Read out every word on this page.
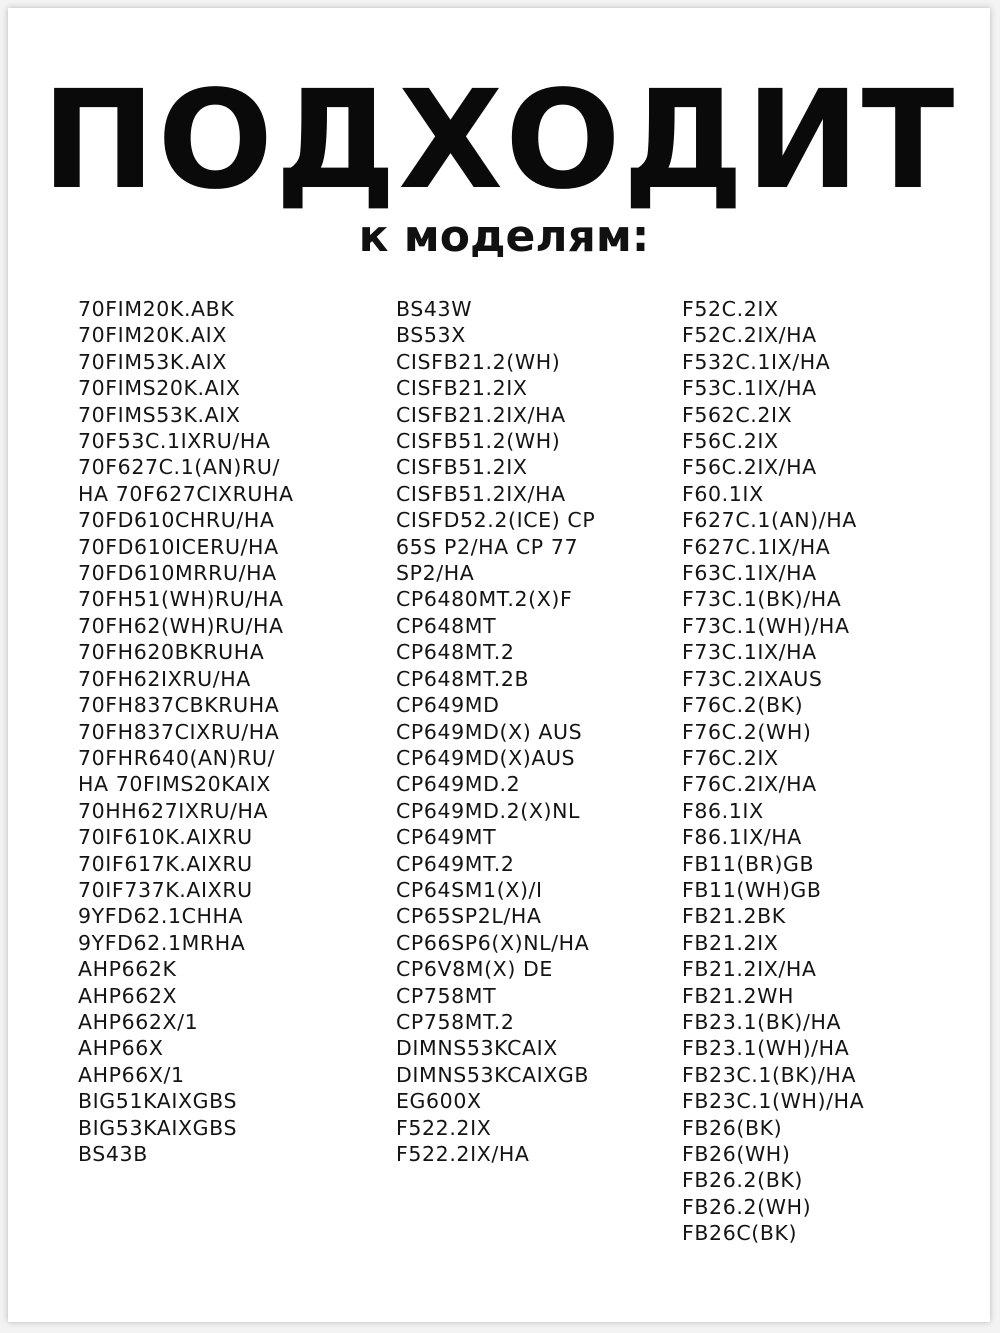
ПОДХОДИТ
к моделям:
70FIM20K.ABK
70FIM20K.AIX
70FIM53K.AIX
70FIMS20K.AIX
70FIMS53K.AIX
70F53C.1IXRU/HA
70F627C.1(AN)RU/
HA 70F627CIXRUHA
70FD610CHRU/HA
70FD610ICERU/HA
70FD610MRRU/HA
70FH51(WH)RU/HA
70FH62(WH)RU/HA
70FH620BKRUHA
70FH62IXRU/HA
70FH837CBKRUHA
70FH837CIXRU/HA
70FHR640(AN)RU/
HA 70FIMS20KAIX
70HH627IXRU/HA
70IF610K.AIXRU
70IF617K.AIXRU
70IF737K.AIXRU
9YFD62.1CHHA
9YFD62.1MRHA
AHP662K
AHP662X
AHP662X/1
AHP66X
AHP66X/1
BIG51KAIXGBS
BIG53KAIXGBS
BS43B
BS43W
BS53X
CISFB21.2(WH)
CISFB21.2IX
CISFB21.2IX/HA
CISFB51.2(WH)
CISFB51.2IX
CISFB51.2IX/HA
CISFD52.2(ICE) CP
65S P2/HA CP 77
SP2/HA
CP6480MT.2(X)F
CP648MT
CP648MT.2
CP648MT.2B
CP649MD
CP649MD(X) AUS
CP649MD(X)AUS
CP649MD.2
CP649MD.2(X)NL
CP649MT
CP649MT.2
CP64SM1(X)/I
CP65SP2L/HA
CP66SP6(X)NL/HA
CP6V8M(X) DE
CP758MT
CP758MT.2
DIMNS53KCAIX
DIMNS53KCAIXGB
EG600X
F522.2IX
F522.2IX/HA
F52C.2IX
F52C.2IX/HA
F532C.1IX/HA
F53C.1IX/HA
F562C.2IX
F56C.2IX
F56C.2IX/HA
F60.1IX
F627C.1(AN)/HA
F627C.1IX/HA
F63C.1IX/HA
F73C.1(BK)/HA
F73C.1(WH)/HA
F73C.1IX/HA
F73C.2IXAUS
F76C.2(BK)
F76C.2(WH)
F76C.2IX
F76C.2IX/HA
F86.1IX
F86.1IX/HA
FB11(BR)GB
FB11(WH)GB
FB21.2BK
FB21.2IX
FB21.2IX/HA
FB21.2WH
FB23.1(BK)/HA
FB23.1(WH)/HA
FB23C.1(BK)/HA
FB23C.1(WH)/HA
FB26(BK)
FB26(WH)
FB26.2(BK)
FB26.2(WH)
FB26C(BK)
